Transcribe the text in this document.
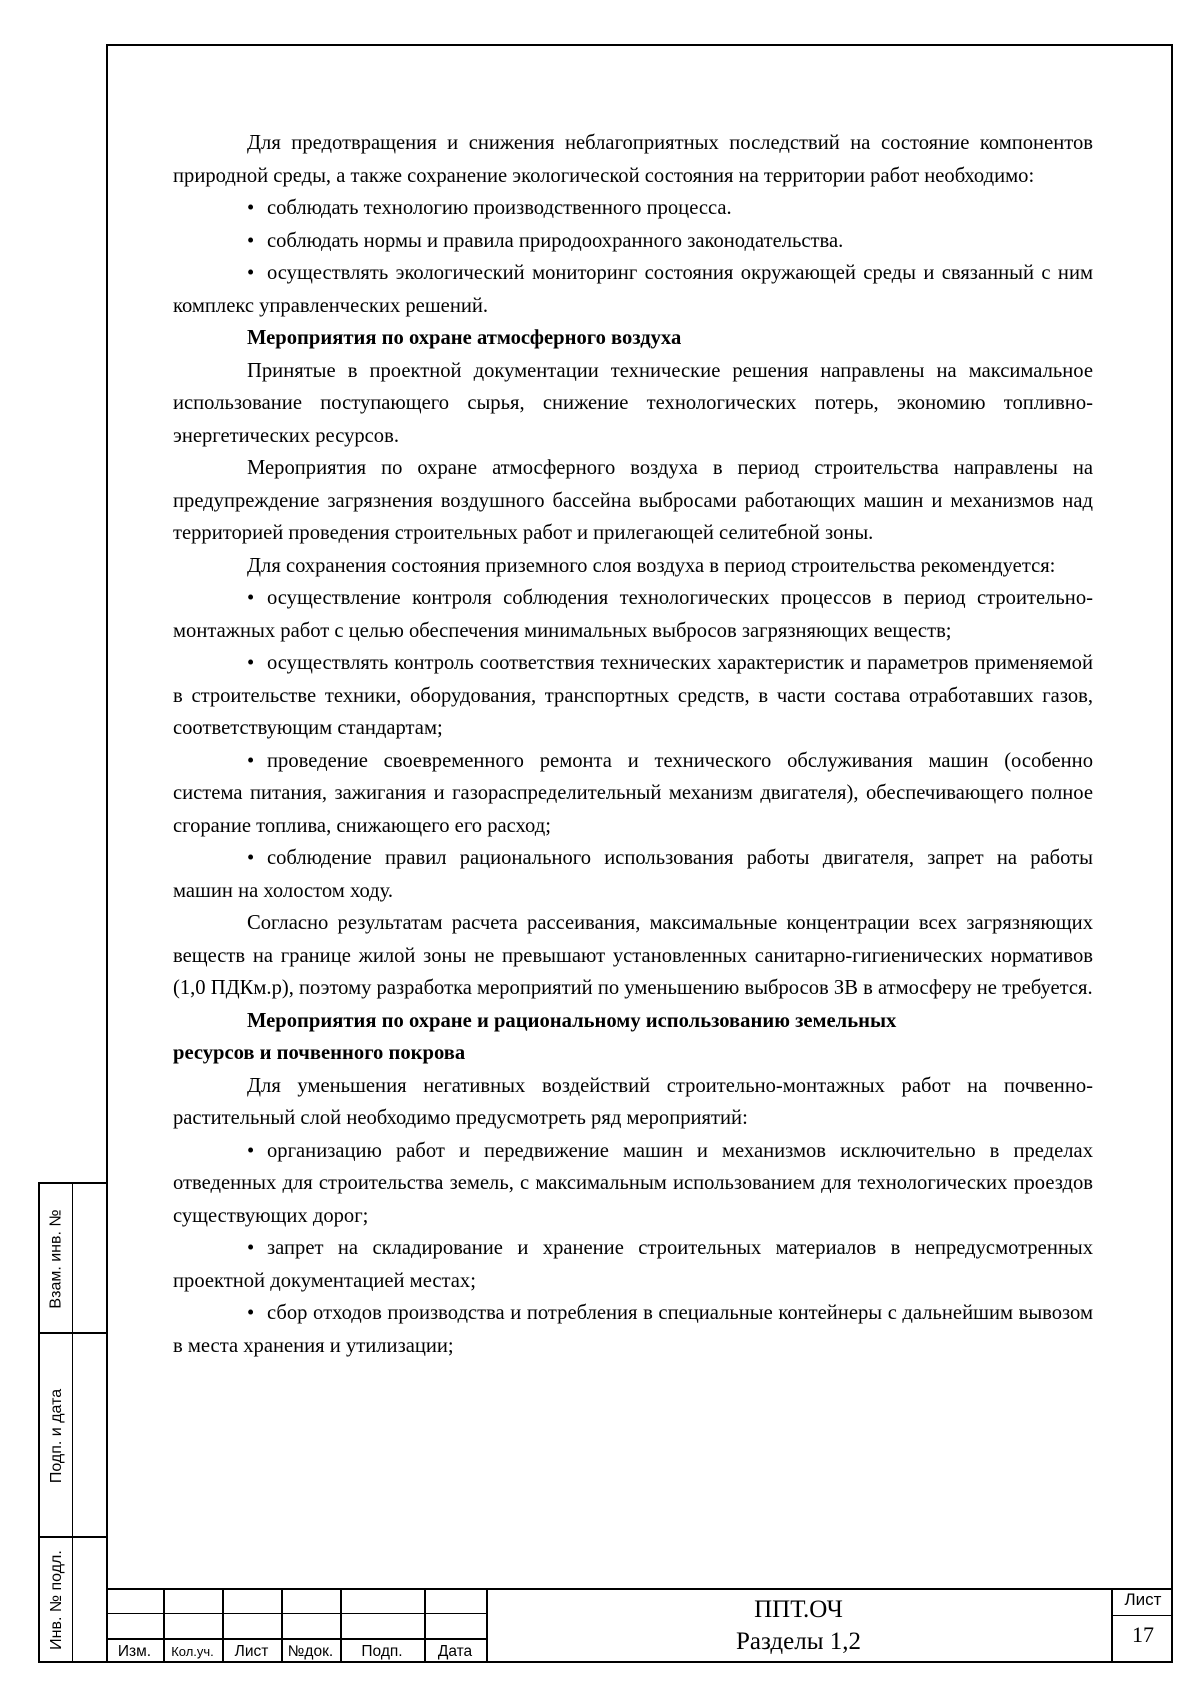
Для предотвращения и снижения неблагоприятных последствий на состояние компонентов природной среды, а также сохранение экологической состояния на территории работ необходимо:

• соблюдать технологию производственного процесса.

• соблюдать нормы и правила природоохранного законодательства.

• осуществлять экологический мониторинг состояния окружающей среды и связанный с ним комплекс управленческих решений.

Мероприятия по охране атмосферного воздуха

Принятые в проектной документации технические решения направлены на максимальное использование поступающего сырья, снижение технологических потерь, экономию топливно-энергетических ресурсов.

Мероприятия по охране атмосферного воздуха в период строительства направлены на предупреждение загрязнения воздушного бассейна выбросами работающих машин и механизмов над территорией проведения строительных работ и прилегающей селитебной зоны.

Для сохранения состояния приземного слоя воздуха в период строительства рекомендуется:

• осуществление контроля соблюдения технологических процессов в период строительно-монтажных работ с целью обеспечения минимальных выбросов загрязняющих веществ;

• осуществлять контроль соответствия технических характеристик и параметров применяемой в строительстве техники, оборудования, транспортных средств, в части состава отработавших газов, соответствующим стандартам;

• проведение своевременного ремонта и технического обслуживания машин (особенно система питания, зажигания и газораспределительный механизм двигателя), обеспечивающего полное сгорание топлива, снижающего его расход;

• соблюдение правил рационального использования работы двигателя, запрет на работы машин на холостом ходу.

Согласно результатам расчета рассеивания, максимальные концентрации всех загрязняющих веществ на границе жилой зоны не превышают установленных санитарно-гигиенических нормативов (1,0 ПДКм.р), поэтому разработка мероприятий по уменьшению выбросов ЗВ в атмосферу не требуется.

Мероприятия по охране и рациональному использованию земельных

ресурсов и почвенного покрова

Для уменьшения негативных воздействий строительно-монтажных работ на почвенно-растительный слой необходимо предусмотреть ряд мероприятий:

• организацию работ и передвижение машин и механизмов исключительно в пределах отведенных для строительства земель, с максимальным использованием для технологических проездов существующих дорог;

• запрет на складирование и хранение строительных материалов в непредусмотренных проектной документацией местах;

• сбор отходов производства и потребления в специальные контейнеры с дальнейшим вывозом в места хранения и утилизации;

Взам. инв. №
Подп. и дата
Инв. № подл.
Изм.	Кол.уч.	Лист	№док.	Подп.	Дата
ППТ.ОЧ
Разделы 1,2
Лист
17
